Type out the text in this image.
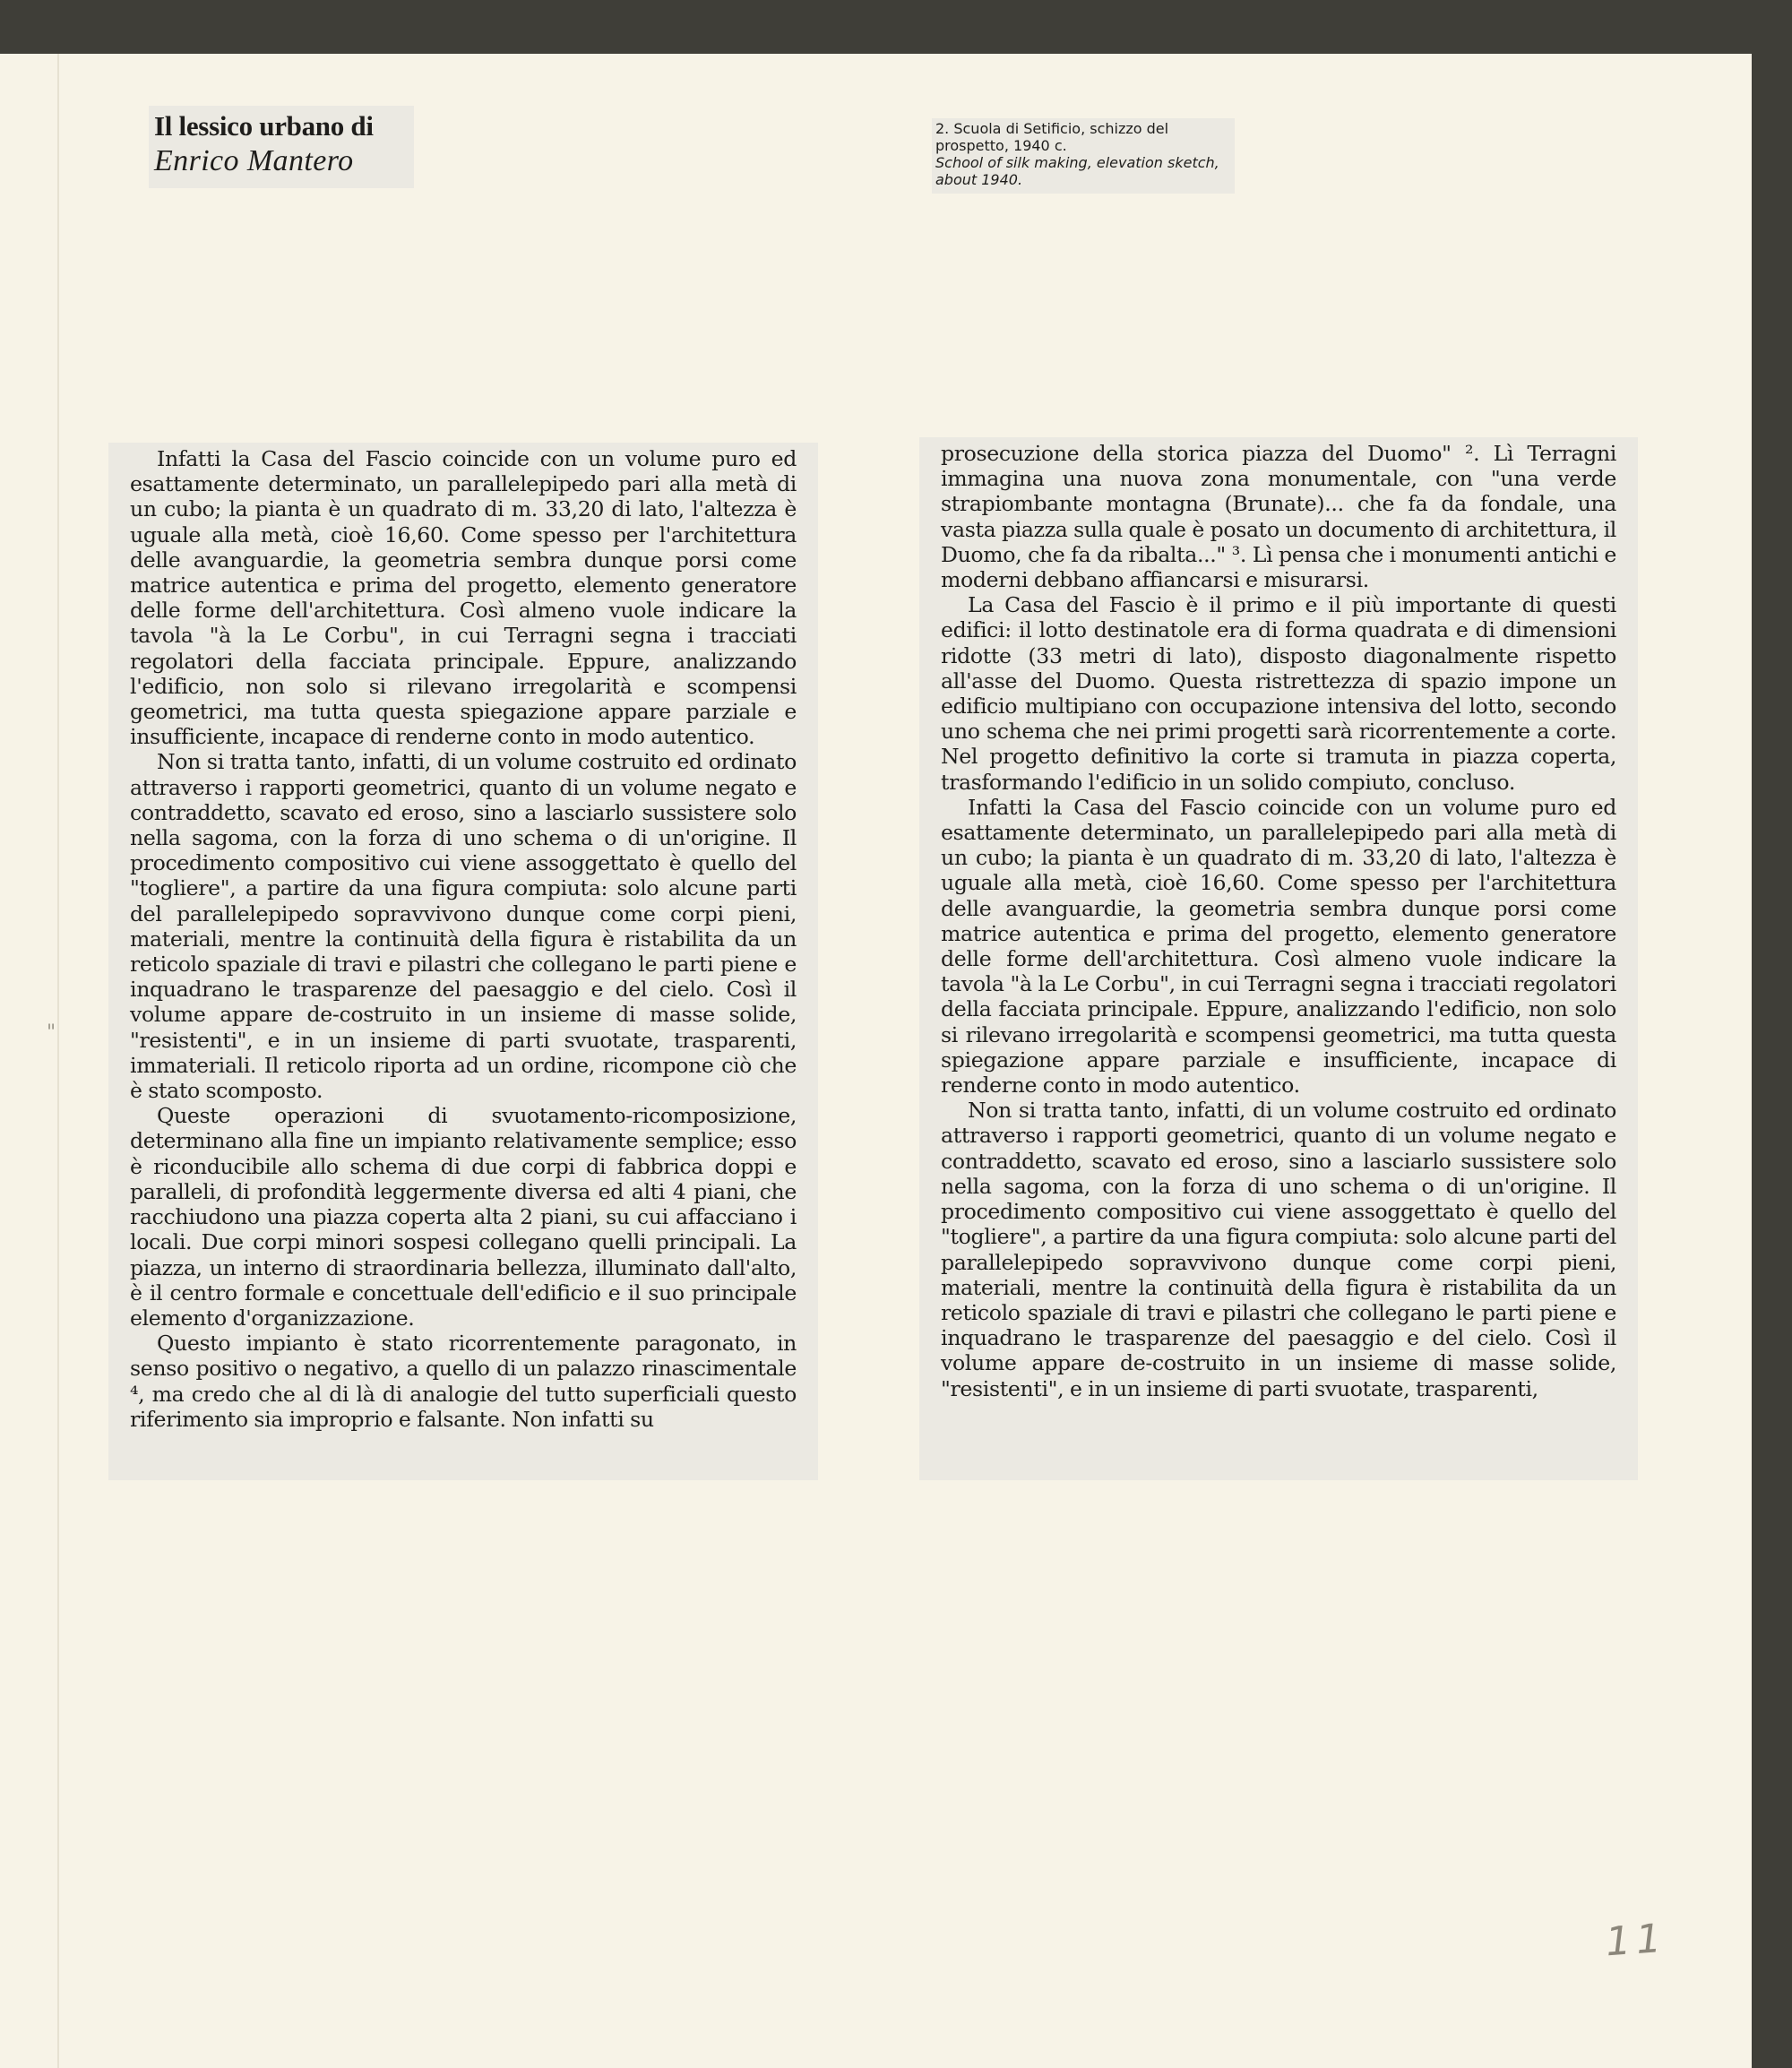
Il lessico urbano di
Enrico Mantero

2. Scuola di Setificio, schizzo del

prospetto, 1940 c.

School of silk making, elevation sketch,

about 1940.

Infatti la Casa del Fascio coincide con un volume puro ed esattamente determinato, un parallelepipedo pari alla metà di un cubo; la pianta è un quadrato di m. 33,20 di lato, l'altezza è uguale alla metà, cioè 16,60. Come spesso per l'architettura delle avanguardie, la geometria sembra dunque porsi come matrice autentica e prima del progetto, elemento generatore delle forme dell'architettura. Così almeno vuole indicare la tavola "à la Le Corbu", in cui Terragni segna i tracciati regolatori della facciata principale. Eppure, analizzando l'edificio, non solo si rilevano irregolarità e scompensi geometrici, ma tutta questa spiegazione appare parziale e insufficiente, incapace di renderne conto in modo autentico.

Non si tratta tanto, infatti, di un volume costruito ed ordinato attraverso i rapporti geometrici, quanto di un volume negato e contraddetto, scavato ed eroso, sino a lasciarlo sussistere solo nella sagoma, con la forza di uno schema o di un'origine. Il procedimento compositivo cui viene assoggettato è quello del "togliere", a partire da una figura compiuta: solo alcune parti del parallelepipedo sopravvivono dunque come corpi pieni, materiali, mentre la continuità della figura è ristabilita da un reticolo spaziale di travi e pilastri che collegano le parti piene e inquadrano le trasparenze del paesaggio e del cielo. Così il volume appare de-costruito in un insieme di masse solide, "resistenti", e in un insieme di parti svuotate, trasparenti, immateriali. Il reticolo riporta ad un ordine, ricompone ciò che è stato scomposto.

Queste operazioni di svuotamento-ricomposizione, determinano alla fine un impianto relativamente semplice; esso è riconducibile allo schema di due corpi di fabbrica doppi e paralleli, di profondità leggermente diversa ed alti 4 piani, che racchiudono una piazza coperta alta 2 piani, su cui affacciano i locali. Due corpi minori sospesi collegano quelli principali. La piazza, un interno di straordinaria bellezza, illuminato dall'alto, è il centro formale e concettuale dell'edificio e il suo principale elemento d'organizzazione.

Questo impianto è stato ricorrentemente paragonato, in senso positivo o negativo, a quello di un palazzo rinascimentale ⁴, ma credo che al di là di analogie del tutto superficiali questo riferimento sia improprio e falsante. Non infatti su

prosecuzione della storica piazza del Duomo" ². Lì Terragni immagina una nuova zona monumentale, con "una verde strapiombante montagna (Brunate)... che fa da fondale, una vasta piazza sulla quale è posato un documento di architettura, il Duomo, che fa da ribalta..." ³. Lì pensa che i monumenti antichi e moderni debbano affiancarsi e misurarsi.

La Casa del Fascio è il primo e il più importante di questi edifici: il lotto destinatole era di forma quadrata e di dimensioni ridotte (33 metri di lato), disposto diagonalmente rispetto all'asse del Duomo. Questa ristrettezza di spazio impone un edificio multipiano con occupazione intensiva del lotto, secondo uno schema che nei primi progetti sarà ricorrentemente a corte. Nel progetto definitivo la corte si tramuta in piazza coperta, trasformando l'edificio in un solido compiuto, concluso.

Infatti la Casa del Fascio coincide con un volume puro ed esattamente determinato, un parallelepipedo pari alla metà di un cubo; la pianta è un quadrato di m. 33,20 di lato, l'altezza è uguale alla metà, cioè 16,60. Come spesso per l'architettura delle avanguardie, la geometria sembra dunque porsi come matrice autentica e prima del progetto, elemento generatore delle forme dell'architettura. Così almeno vuole indicare la tavola "à la Le Corbu", in cui Terragni segna i tracciati regolatori della facciata principale. Eppure, analizzando l'edificio, non solo si rilevano irregolarità e scompensi geometrici, ma tutta questa spiegazione appare parziale e insufficiente, incapace di renderne conto in modo autentico.

Non si tratta tanto, infatti, di un volume costruito ed ordinato attraverso i rapporti geometrici, quanto di un volume negato e contraddetto, scavato ed eroso, sino a lasciarlo sussistere solo nella sagoma, con la forza di uno schema o di un'origine. Il procedimento compositivo cui viene assoggettato è quello del "togliere", a partire da una figura compiuta: solo alcune parti del parallelepipedo sopravvivono dunque come corpi pieni, materiali, mentre la continuità della figura è ristabilita da un reticolo spaziale di travi e pilastri che collegano le parti piene e inquadrano le trasparenze del paesaggio e del cielo. Così il volume appare de-costruito in un insieme di masse solide, "resistenti", e in un insieme di parti svuotate, trasparenti,

"
11
